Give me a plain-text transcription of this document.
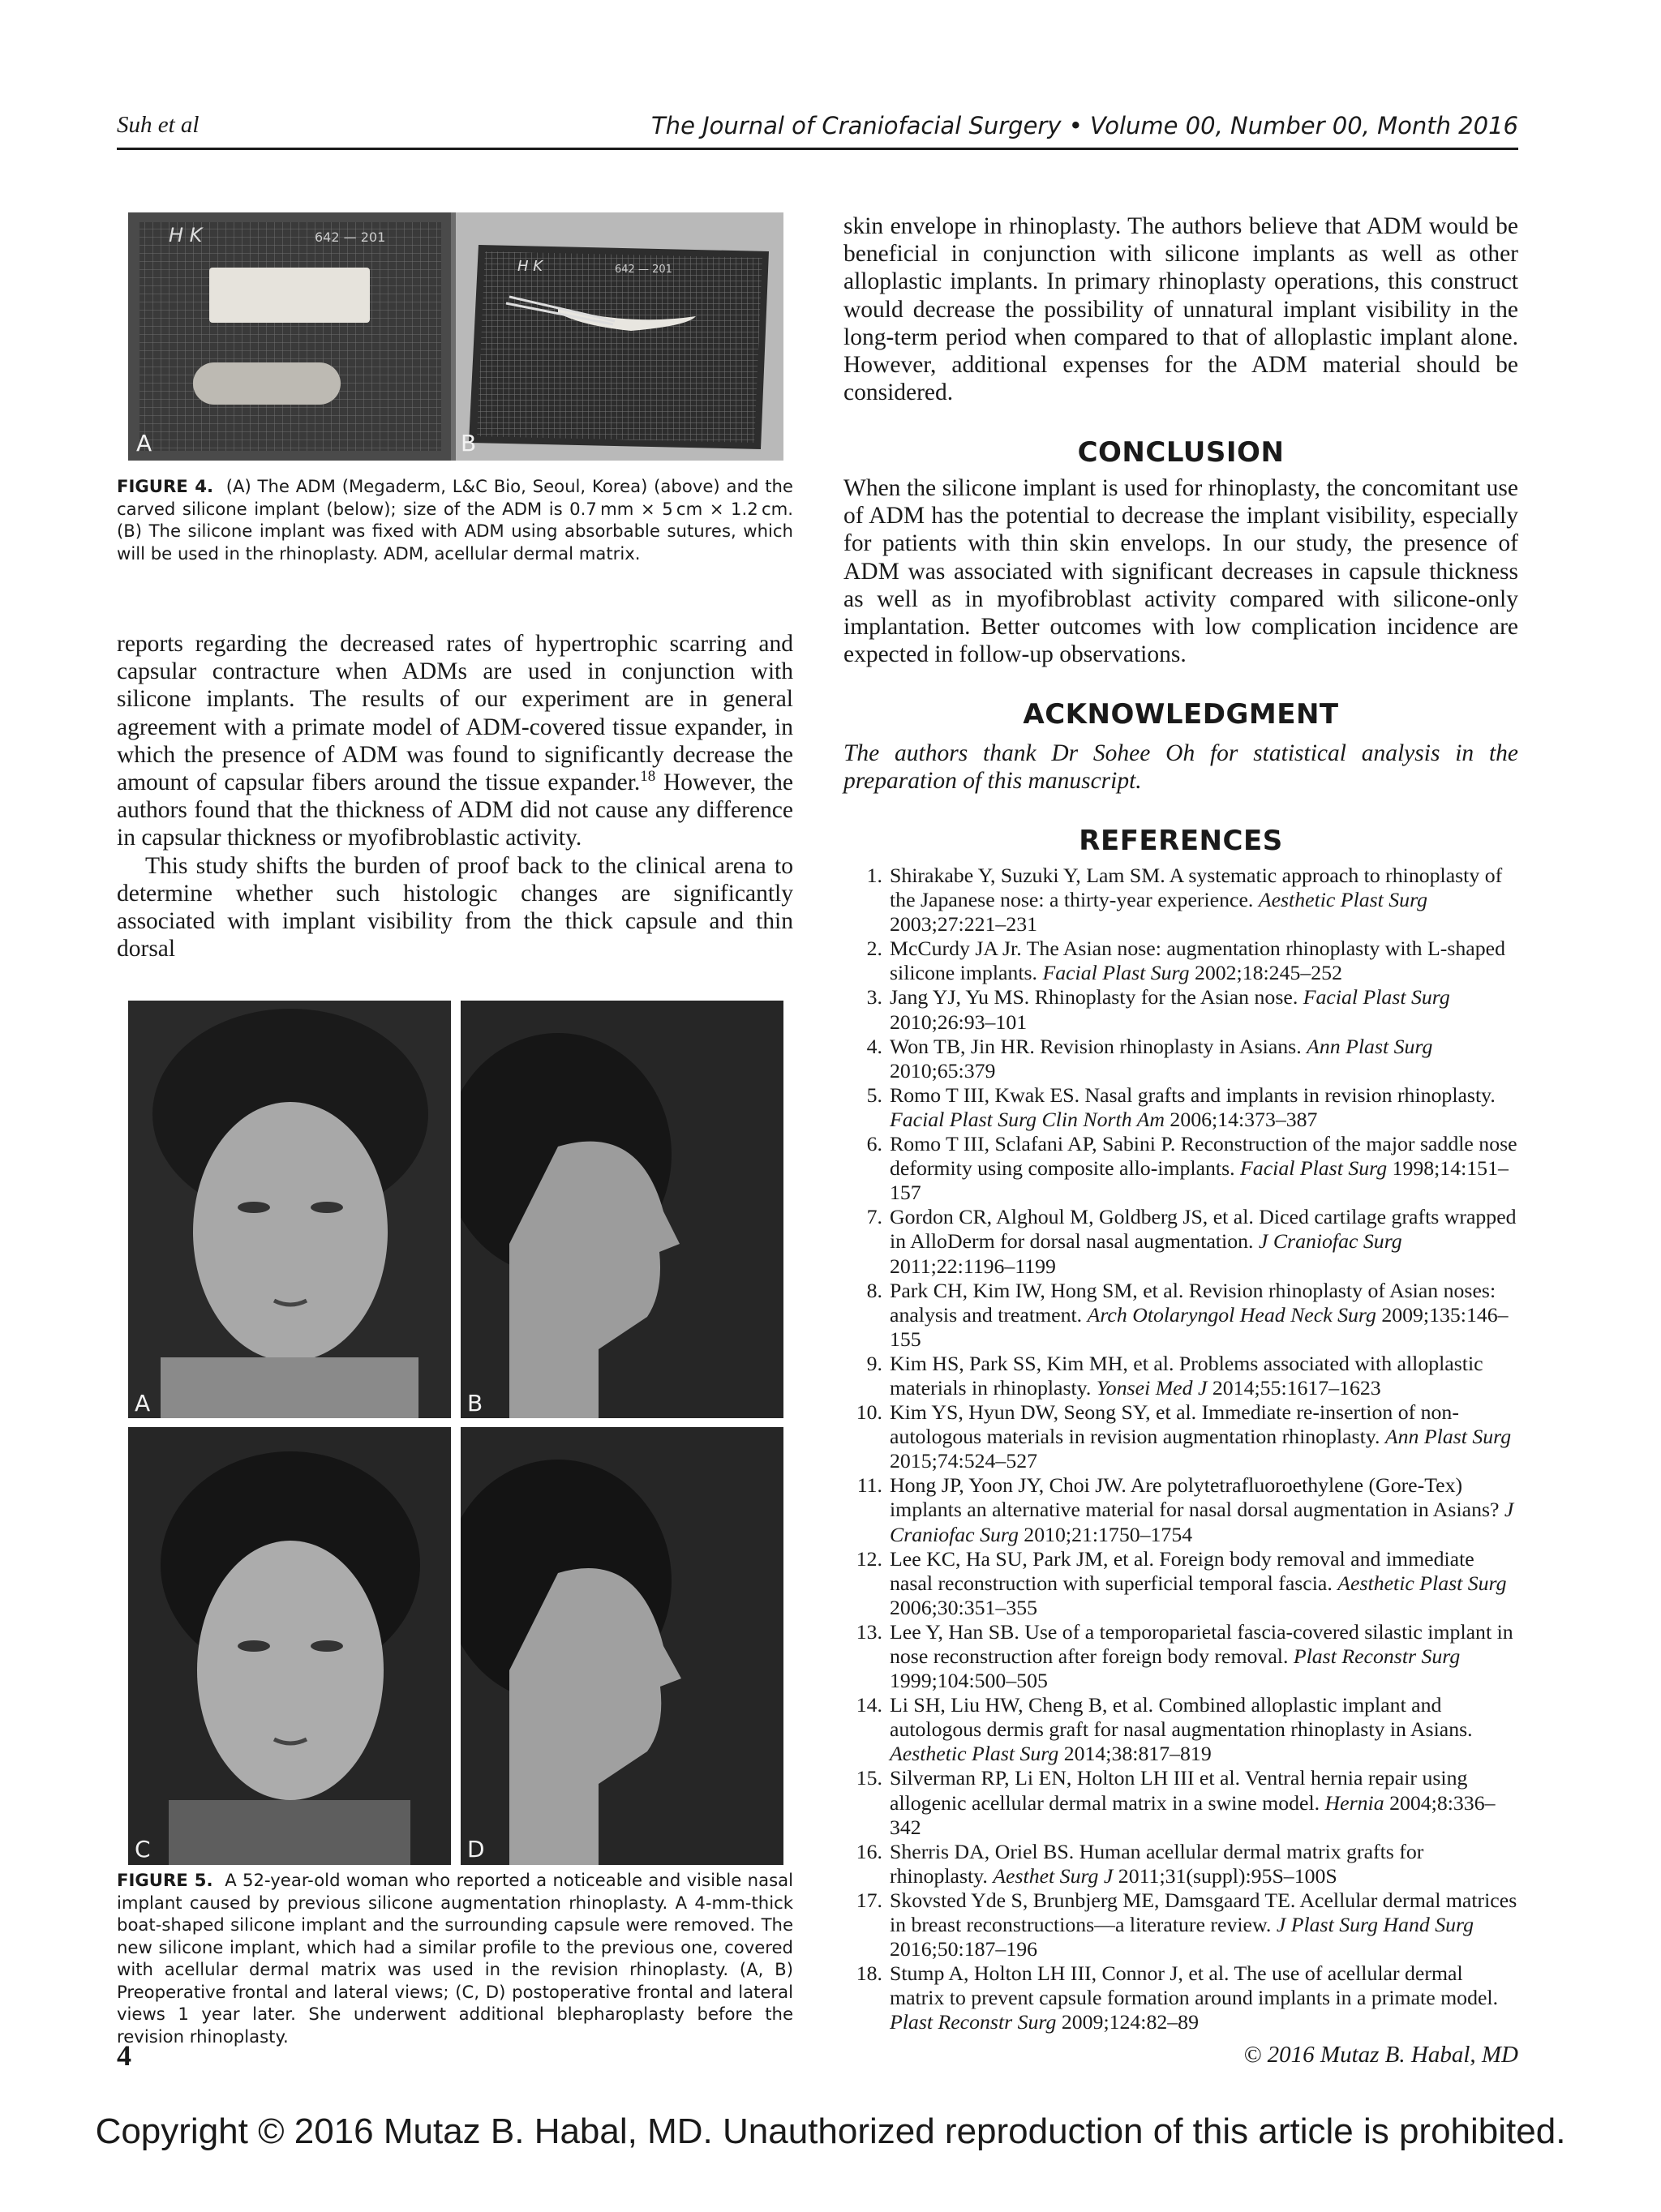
Suh et al	The Journal of Craniofacial Surgery • Volume 00, Number 00, Month 2016
642 — 201
642 — 201
A	B
H K
H K
FIGURE 4. (A) The ADM (Megaderm, L&C Bio, Seoul, Korea) (above) and the carved silicone implant (below); size of the ADM is 0.7 mm × 5 cm × 1.2 cm. (B) The silicone implant was fixed with ADM using absorbable sutures, which will be used in the rhinoplasty. ADM, acellular dermal matrix.

reports regarding the decreased rates of hypertrophic scarring and capsular contracture when ADMs are used in conjunction with silicone implants. The results of our experiment are in general agreement with a primate model of ADM-covered tissue expander, in which the presence of ADM was found to significantly decrease the amount of capsular fibers around the tissue expander.$^{18}$ However, the authors found that the thickness of ADM did not cause any difference in capsular thickness or myofibroblastic activity.

This study shifts the burden of proof back to the clinical arena to determine whether such histologic changes are significantly associated with implant visibility from the thick capsule and thin dorsal

A	B
C	D
FIGURE 5. A 52-year-old woman who reported a noticeable and visible nasal implant caused by previous silicone augmentation rhinoplasty. A 4-mm-thick boat-shaped silicone implant and the surrounding capsule were removed. The new silicone implant, which had a similar profile to the previous one, covered with acellular dermal matrix was used in the revision rhinoplasty. (A, B) Preoperative frontal and lateral views; (C, D) postoperative frontal and lateral views 1 year later. She underwent additional blepharoplasty before the revision rhinoplasty.

skin envelope in rhinoplasty. The authors believe that ADM would be beneficial in conjunction with silicone implants as well as other alloplastic implants. In primary rhinoplasty operations, this construct would decrease the possibility of unnatural implant visibility in the long-term period when compared to that of alloplastic implant alone. However, additional expenses for the ADM material should be considered.

CONCLUSION

When the silicone implant is used for rhinoplasty, the concomitant use of ADM has the potential to decrease the implant visibility, especially for patients with thin skin envelops. In our study, the presence of ADM was associated with significant decreases in capsule thickness as well as in myofibroblast activity compared with silicone-only implantation. Better outcomes with low complication incidence are expected in follow-up observations.

ACKNOWLEDGMENT

The authors thank Dr Sohee Oh for statistical analysis in the preparation of this manuscript.

REFERENCES
1. Shirakabe Y, Suzuki Y, Lam SM. A systematic approach to rhinoplasty of the Japanese nose: a thirty-year experience. Aesthetic Plast Surg 2003;27:221–231
2. McCurdy JA Jr. The Asian nose: augmentation rhinoplasty with L-shaped silicone implants. Facial Plast Surg 2002;18:245–252
3. Jang YJ, Yu MS. Rhinoplasty for the Asian nose. Facial Plast Surg 2010;26:93–101
4. Won TB, Jin HR. Revision rhinoplasty in Asians. Ann Plast Surg 2010;65:379
5. Romo T III, Kwak ES. Nasal grafts and implants in revision rhinoplasty. Facial Plast Surg Clin North Am 2006;14:373–387
6. Romo T III, Sclafani AP, Sabini P. Reconstruction of the major saddle nose deformity using composite allo-implants. Facial Plast Surg 1998;14:151–157
7. Gordon CR, Alghoul M, Goldberg JS, et al. Diced cartilage grafts wrapped in AlloDerm for dorsal nasal augmentation. J Craniofac Surg 2011;22:1196–1199
8. Park CH, Kim IW, Hong SM, et al. Revision rhinoplasty of Asian noses: analysis and treatment. Arch Otolaryngol Head Neck Surg 2009;135:146–155
9. Kim HS, Park SS, Kim MH, et al. Problems associated with alloplastic materials in rhinoplasty. Yonsei Med J 2014;55:1617–1623
10. Kim YS, Hyun DW, Seong SY, et al. Immediate re-insertion of non-autologous materials in revision augmentation rhinoplasty. Ann Plast Surg 2015;74:524–527
11. Hong JP, Yoon JY, Choi JW. Are polytetrafluoroethylene (Gore-Tex) implants an alternative material for nasal dorsal augmentation in Asians? J Craniofac Surg 2010;21:1750–1754
12. Lee KC, Ha SU, Park JM, et al. Foreign body removal and immediate nasal reconstruction with superficial temporal fascia. Aesthetic Plast Surg 2006;30:351–355
13. Lee Y, Han SB. Use of a temporoparietal fascia-covered silastic implant in nose reconstruction after foreign body removal. Plast Reconstr Surg 1999;104:500–505
14. Li SH, Liu HW, Cheng B, et al. Combined alloplastic implant and autologous dermis graft for nasal augmentation rhinoplasty in Asians. Aesthetic Plast Surg 2014;38:817–819
15. Silverman RP, Li EN, Holton LH III et al. Ventral hernia repair using allogenic acellular dermal matrix in a swine model. Hernia 2004;8:336–342
16. Sherris DA, Oriel BS. Human acellular dermal matrix grafts for rhinoplasty. Aesthet Surg J 2011;31(suppl):95S–100S
17. Skovsted Yde S, Brunbjerg ME, Damsgaard TE. Acellular dermal matrices in breast reconstructions—a literature review. J Plast Surg Hand Surg 2016;50:187–196
18. Stump A, Holton LH III, Connor J, et al. The use of acellular dermal matrix to prevent capsule formation around implants in a primate model. Plast Reconstr Surg 2009;124:82–89
4	© 2016 Mutaz B. Habal, MD
Copyright © 2016 Mutaz B. Habal, MD. Unauthorized reproduction of this article is prohibited.
